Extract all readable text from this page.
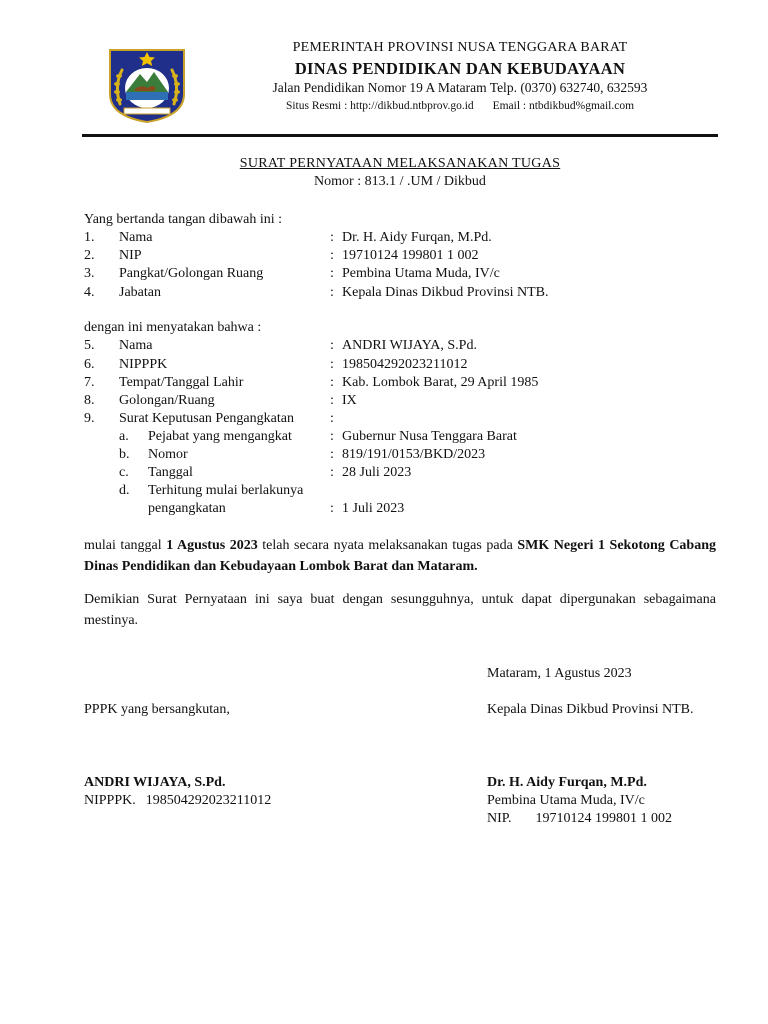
PEMERINTAH PROVINSI NUSA TENGGARA BARAT
DINAS PENDIDIKAN DAN KEBUDAYAAN
Jalan Pendidikan Nomor 19 A Mataram Telp. (0370) 632740, 632593
Situs Resmi : http://dikbud.ntbprov.go.id Email : ntbdikbud%gmail.com
SURAT PERNYATAAN MELAKSANAKAN TUGAS
Nomor : 813.1 / .UM / Dikbud
Yang bertanda tangan dibawah ini :
1. Nama	: Dr. H. Aidy Furqan, M.Pd.
2. NIP	: 19710124 199801 1 002
3. Pangkat/Golongan Ruang	: Pembina Utama Muda, IV/c
4. Jabatan	: Kepala Dinas Dikbud Provinsi NTB.
dengan ini menyatakan bahwa :
5. Nama	: ANDRI WIJAYA, S.Pd.
6. NIPPPK	: 198504292023211012
7. Tempat/Tanggal Lahir	: Kab. Lombok Barat, 29 April 1985
8. Golongan/Ruang	: IX
9. Surat Keputusan Pengangkatan	:
a. Pejabat yang mengangkat	: Gubernur Nusa Tenggara Barat
b. Nomor	: 819/191/0153/BKD/2023
c. Tanggal	: 28 Juli 2023
d. Terhitung mulai berlakunya
pengangkatan	: 1 Juli 2023
mulai tanggal 1 Agustus 2023 telah secara nyata melaksanakan tugas pada SMK Negeri 1 Sekotong Cabang Dinas Pendidikan dan Kebudayaan Lombok Barat dan Mataram.
Demikian Surat Pernyataan ini saya buat dengan sesungguhnya, untuk dapat dipergunakan sebagaimana mestinya.
Mataram, 1 Agustus 2023
PPPK yang bersangkutan,	Kepala Dinas Dikbud Provinsi NTB.
ANDRI WIJAYA, S.Pd.
NIPPPK. 198504292023211012
Dr. H. Aidy Furqan, M.Pd.
Pembina Utama Muda, IV/c
NIP. 19710124 199801 1 002
